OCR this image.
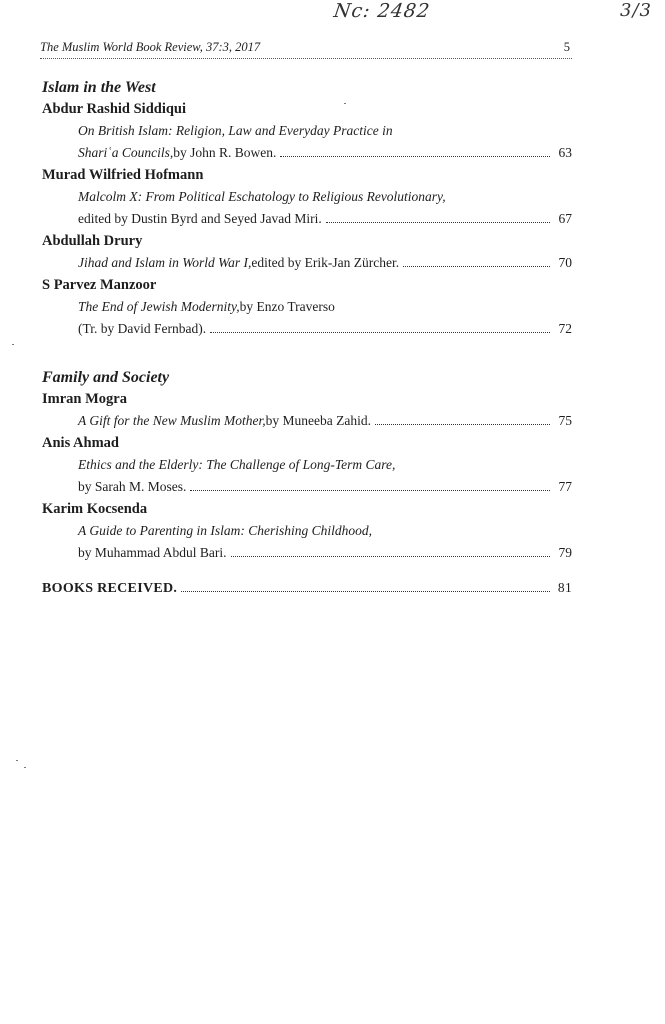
Nc: 2482	3/3
The Muslim World Book Review, 37:3, 2017	5
Islam in the West
Abdur Rashid Siddiqui
On British Islam: Religion, Law and Everyday Practice in
Shariʿa Councils, by John R. Bowen.	63
Murad Wilfried Hofmann
Malcolm X: From Political Eschatology to Religious Revolutionary,
edited by Dustin Byrd and Seyed Javad Miri.	67
Abdullah Drury
Jihad and Islam in World War I, edited by Erik-Jan Zürcher.	70
S Parvez Manzoor
The End of Jewish Modernity, by Enzo Traverso
(Tr. by David Fernbad).	72
Family and Society
Imran Mogra
A Gift for the New Muslim Mother, by Muneeba Zahid.	75
Anis Ahmad
Ethics and the Elderly: The Challenge of Long-Term Care,
by Sarah M. Moses.	77
Karim Kocsenda
A Guide to Parenting in Islam: Cherishing Childhood,
by Muhammad Abdul Bari.	79
BOOKS RECEIVED.	81
